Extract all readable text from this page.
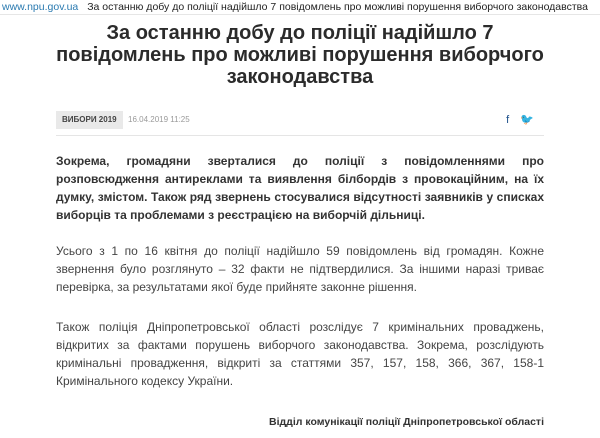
www.npu.gov.ua За останню добу до поліції надійшло 7 повідомлень про можливі порушення виборчого законодавства
За останню добу до поліції надійшло 7 повідомлень про можливі порушення виборчого законодавства
ВИБОРИ 2019	16.04.2019 11:25	f 🐦

Зокрема, громадяни зверталися до поліції з повідомленнями про розповсюдження антиреклами та виявлення білбордів з провокаційним, на їх думку, змістом. Також ряд звернень стосувалися відсутності заявників у списках виборців та проблемами з реєстрацією на виборчій дільниці.

Усього з 1 по 16 квітня до поліції надійшло 59 повідомлень від громадян. Кожне звернення було розглянуто – 32 факти не підтвердилися. За іншими наразі триває перевірка, за результатами якої буде прийняте законне рішення.

Також поліція Дніпропетровської області розслідує 7 кримінальних проваджень, відкритих за фактами порушень виборчого законодавства. Зокрема, розслідують кримінальні провадження, відкриті за статтями 357, 157, 158, 366, 367, 158-1 Кримінального кодексу України.

Відділ комунікації поліції Дніпропетровської області
